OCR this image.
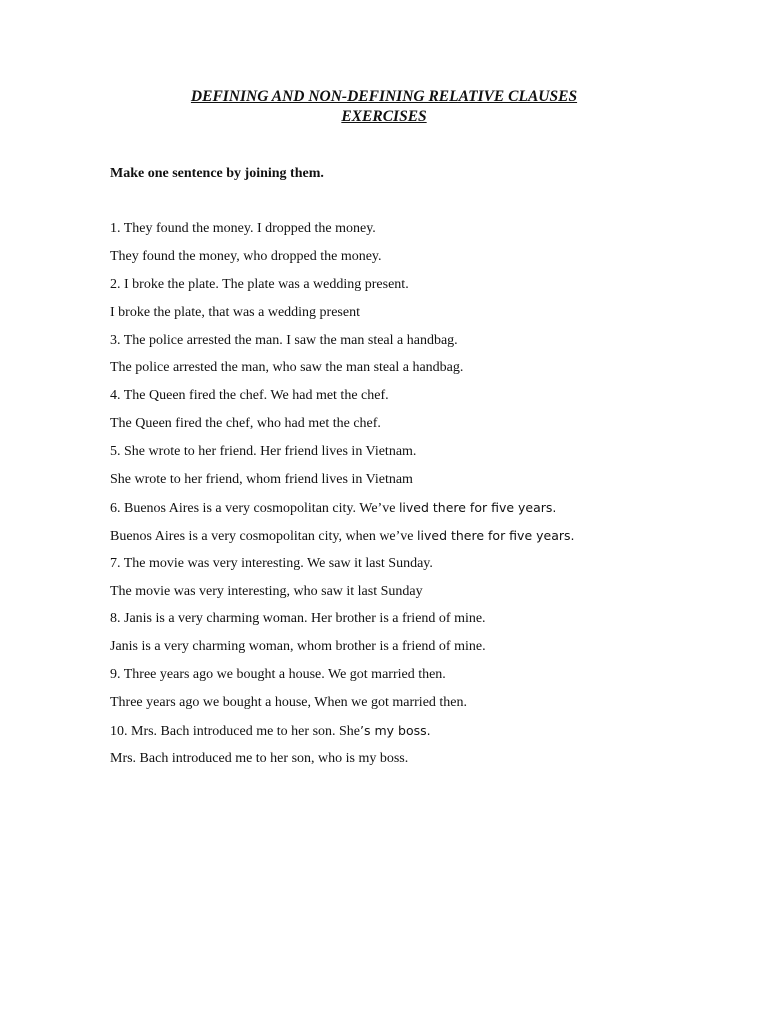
DEFINING AND NON-DEFINING RELATIVE CLAUSES
EXERCISES
Make one sentence by joining them.
1. They found the money. I dropped the money.
They found the money, who dropped the money.
2. I broke the plate. The plate was a wedding present.
I broke the plate, that was a wedding present
3. The police arrested the man. I saw the man steal a handbag.
The police arrested the man, who saw the man steal a handbag.
4. The Queen fired the chef. We had met the chef.
The Queen fired the chef, who had met the chef.
5. She wrote to her friend. Her friend lives in Vietnam.
She wrote to her friend, whom friend lives in Vietnam
6. Buenos Aires is a very cosmopolitan city. We’ve lived there for five years.
Buenos Aires is a very cosmopolitan city, when we’ve lived there for five years.
7. The movie was very interesting. We saw it last Sunday.
The movie was very interesting, who saw it last Sunday
8. Janis is a very charming woman. Her brother is a friend of mine.
Janis is a very charming woman, whom brother is a friend of mine.
9. Three years ago we bought a house. We got married then.
Three years ago we bought a house, When we got married then.
10. Mrs. Bach introduced me to her son. She’s my boss.
Mrs. Bach introduced me to her son, who is my boss.
